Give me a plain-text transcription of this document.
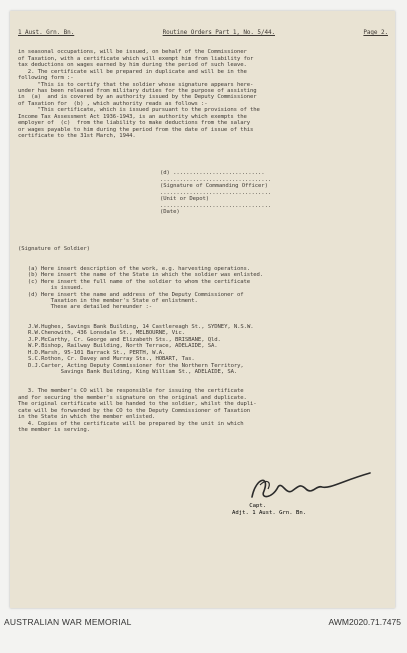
1 Aust. Grn. Bn.	Routine Orders Part 1, No. 5/44.	Page 2.

in seasonal occupations, will be issued, on behalf of the Commissioner
of Taxation, with a certificate which will exempt him from liability for
tax deductions on wages earned by him during the period of such leave.
2. The certificate will be prepared in duplicate and will be in the
following form :-
"This is to certify that the soldier whose signature appears here-
under has been released from military duties for the purpose of assisting
in  (a)  and is covered by an authority issued by the Deputy Commissioner
of Taxation for  (b) , which authority reads as follows :-
"This certificate, which is issued pursuant to the provisions of the
Income Tax Assessment Act 1936-1943, is an authority which exempts the
employer of  (c)  from the liability to make deductions from the salary
or wages payable to him during the period from the date of issue of this
certificate to the 31st March, 1944.

(d) ............................
..................................
(Signature of Commanding Officer)
..................................
(Unit or Depot)
..................................
(Date)

(Signature of Soldier)

(a) Here insert description of the work, e.g. harvesting operations.
(b) Here insert the name of the State in which the soldier was enlisted.
(c) Here insert the full name of the soldier to whom the certificate
is issued.
(d) Here insert the name and address of the Deputy Commissioner of
Taxation in the member's State of enlistment.
These are detailed hereunder :-

J.W.Hughes, Savings Bank Building, 14 Castlereagh St., SYDNEY, N.S.W.
R.W.Chenowith, 436 Lonsdale St., MELBOURNE, Vic.
J.P.McCarthy, Cr. George and Elizabeth Sts., BRISBANE, Qld.
W.P.Bishop, Railway Building, North Terrace, ADELAIDE, SA.
H.D.Marsh, 95-101 Barrack St., PERTH, W.A.
S.C.Rothon, Cr. Davey and Murray Sts., HOBART, Tas.
D.J.Carter, Acting Deputy Commissioner for the Northern Territory,
Savings Bank Building, King William St., ADELAIDE, SA.

3. The member's CO will be responsible for issuing the certificate
and for securing the member's signature on the original and duplicate.
The original certificate will be handed to the soldier, whilst the dupli-
cate will be forwarded by the CO to the Deputy Commissioner of Taxation
in the State in which the member enlisted.
4. Copies of the certificate will be prepared by the unit in which
the member is serving.

Capt.
Adjt. 1 Aust. Grn. Bn.
AUSTRALIAN WAR MEMORIAL	AWM2020.71.7475
